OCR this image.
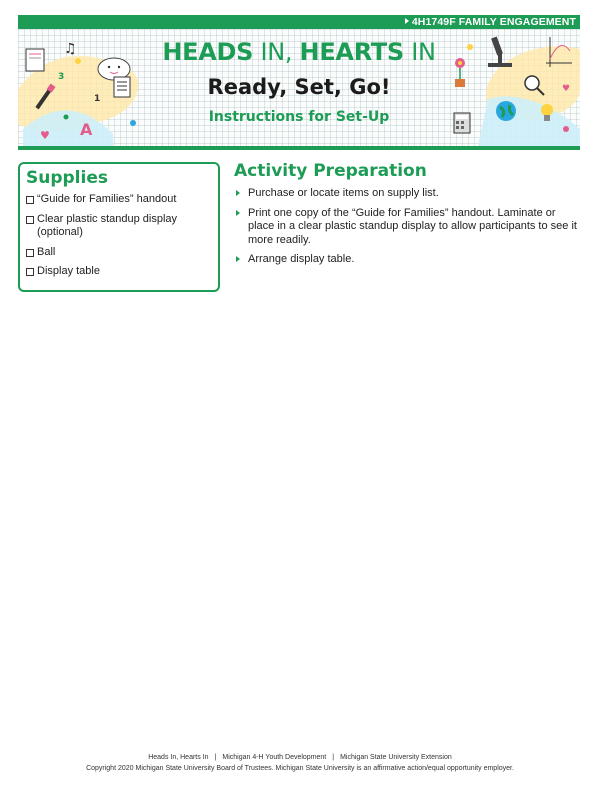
4H1749F FAMILY ENGAGEMENT
♫
1
3
A
♥
♥
HEADS IN, HEARTS IN
Ready, Set, Go!
Instructions for Set-Up
Supplies
“Guide for Families” handout
Clear plastic standup display (optional)
Ball
Display table
Activity Preparation
Purchase or locate items on supply list.
Print one copy of the “Guide for Families” handout. Laminate or place in a clear plastic standup display to allow participants to see it more readily.
Arrange display table.
Heads In, Hearts In | Michigan 4-H Youth Development | Michigan State University Extension
Copyright 2020 Michigan State University Board of Trustees. Michigan State University is an affirmative action/equal opportunity employer.
